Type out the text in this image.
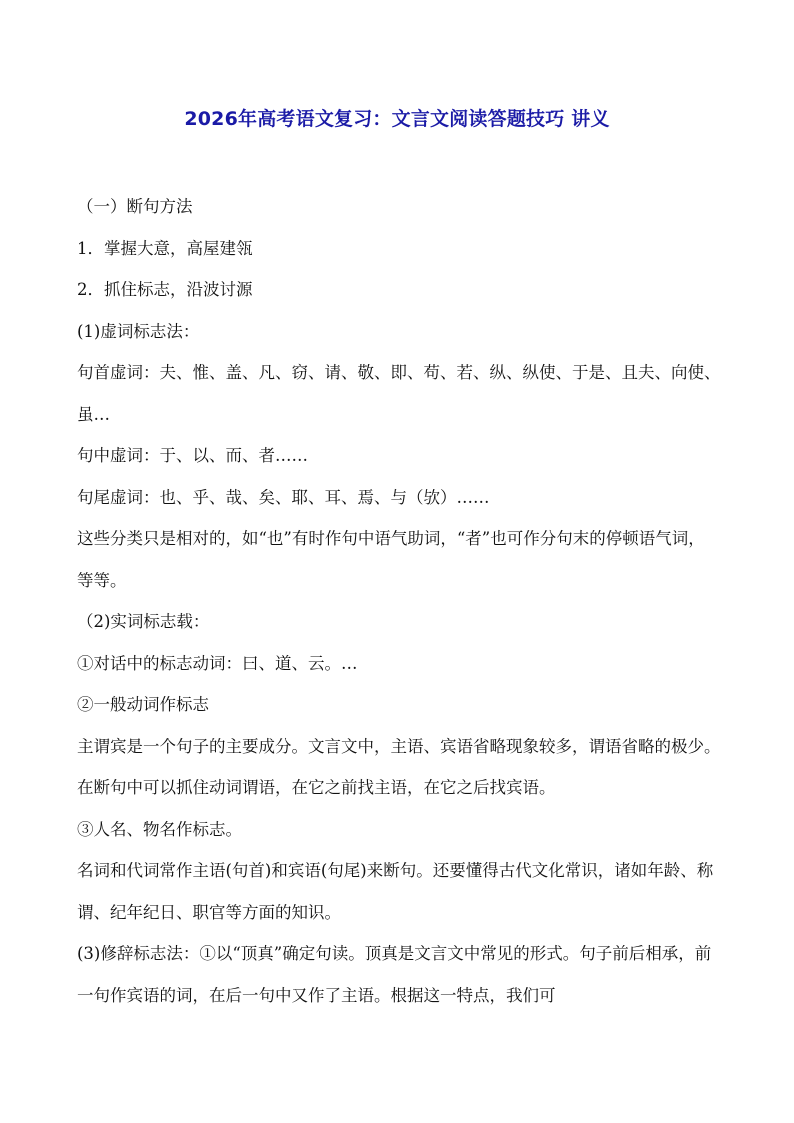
2026年高考语文复习：文言文阅读答题技巧 讲义

（一）断句方法

1．掌握大意，高屋建瓴

2．抓住标志，沿波讨源

(1)虚词标志法：

句首虚词：夫、惟、盖、凡、窃、请、敬、即、苟、若、纵、纵使、于是、且夫、向使、虽…

句中虚词：于、以、而、者……

句尾虚词：也、乎、哉、矣、耶、耳、焉、与（欤）……

这些分类只是相对的，如“也”有时作句中语气助词，“者”也可作分句末的停顿语气词，等等。

（2)实词标志载：

①对话中的标志动词：曰、道、云。…

②一般动词作标志

主谓宾是一个句子的主要成分。文言文中，主语、宾语省略现象较多，谓语省略的极少。在断句中可以抓住动词谓语，在它之前找主语，在它之后找宾语。

③人名、物名作标志。

名词和代词常作主语(句首)和宾语(句尾)来断句。还要懂得古代文化常识，诸如年龄、称谓、纪年纪日、职官等方面的知识。

(3)修辞标志法：①以“顶真”确定句读。顶真是文言文中常见的形式。句子前后相承，前一句作宾语的词，在后一句中又作了主语。根据这一特点，我们可
